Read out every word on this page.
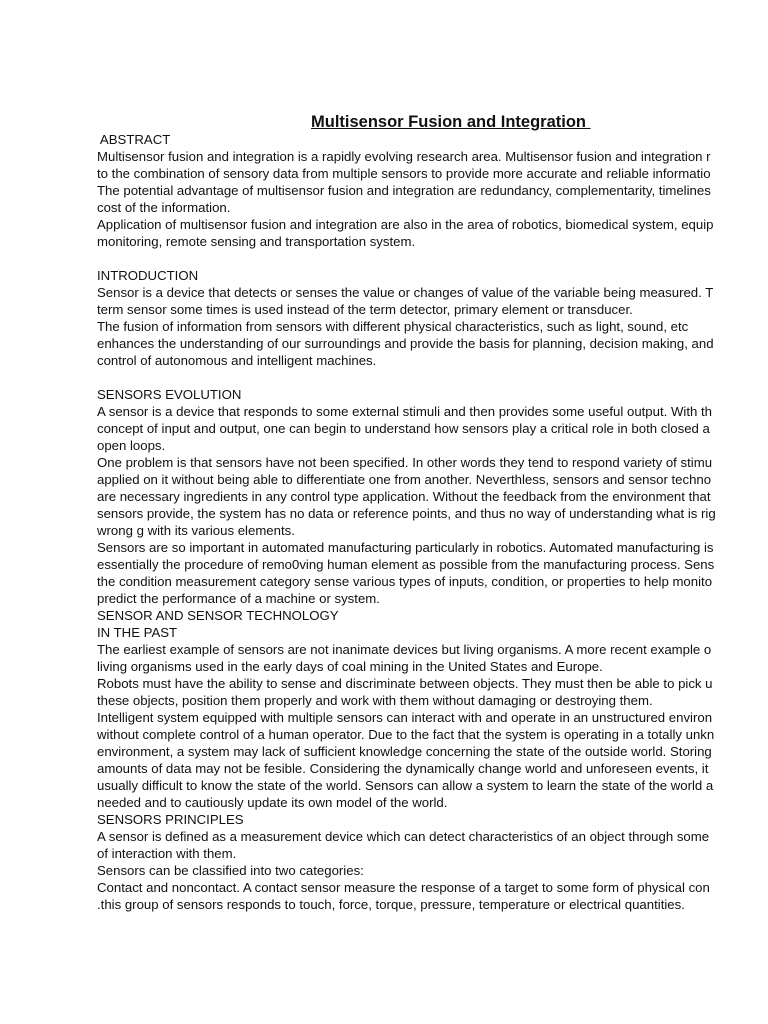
Multisensor Fusion and Integration
ABSTRACT
Multisensor fusion and integration is a rapidly evolving research area. Multisensor fusion and integration r
to the combination of sensory data from multiple sensors to provide more accurate and reliable informatio
The potential advantage of multisensor fusion and integration are redundancy, complementarity, timelines
cost of the information.
Application of multisensor fusion and integration are also in the area of robotics, biomedical system, equip
monitoring, remote sensing and transportation system.
INTRODUCTION
Sensor is a device that detects or senses the value or changes of value of the variable being measured. T
term sensor some times is used instead of the term detector, primary element or transducer.
The fusion of information from sensors with different physical characteristics, such as light, sound, etc
enhances the understanding of our surroundings and provide the basis for planning, decision making, and
control of autonomous and intelligent machines.
SENSORS EVOLUTION
A sensor is a device that responds to some external stimuli and then provides some useful output. With th
concept of input and output, one can begin to understand how sensors play a critical role in both closed a
open loops.
One problem is that sensors have not been specified. In other words they tend to respond variety of stimu
applied on it without being able to differentiate one from another. Neverthless, sensors and sensor techno
are necessary ingredients in any control type application. Without the feedback from the environment that
sensors provide, the system has no data or reference points, and thus no way of understanding what is rig
wrong g with its various elements.
Sensors are so important in automated manufacturing particularly in robotics. Automated manufacturing is
essentially the procedure of remo0ving human element as possible from the manufacturing process. Sens
the condition measurement category sense various types of inputs, condition, or properties to help monito
predict the performance of a machine or system.
SENSOR AND SENSOR TECHNOLOGY
IN THE PAST
The earliest example of sensors are not inanimate devices but living organisms. A more recent example o
living organisms used in the early days of coal mining in the United States and Europe.
Robots must have the ability to sense and discriminate between objects. They must then be able to pick u
these objects, position them properly and work with them without damaging or destroying them.
Intelligent system equipped with multiple sensors can interact with and operate in an unstructured environ
without complete control of a human operator. Due to the fact that the system is operating in a totally unkn
environment, a system may lack of sufficient knowledge concerning the state of the outside world. Storing
amounts of data may not be fesible. Considering the dynamically change world and unforeseen events, it
usually difficult to know the state of the world. Sensors can allow a system to learn the state of the world a
needed and to cautiously update its own model of the world.
SENSORS PRINCIPLES
A sensor is defined as a measurement device which can detect characteristics of an object through some
of interaction with them.
Sensors can be classified into two categories:
Contact and noncontact. A contact sensor measure the response of a target to some form of physical con
.this group of sensors responds to touch, force, torque, pressure, temperature or electrical quantities.
